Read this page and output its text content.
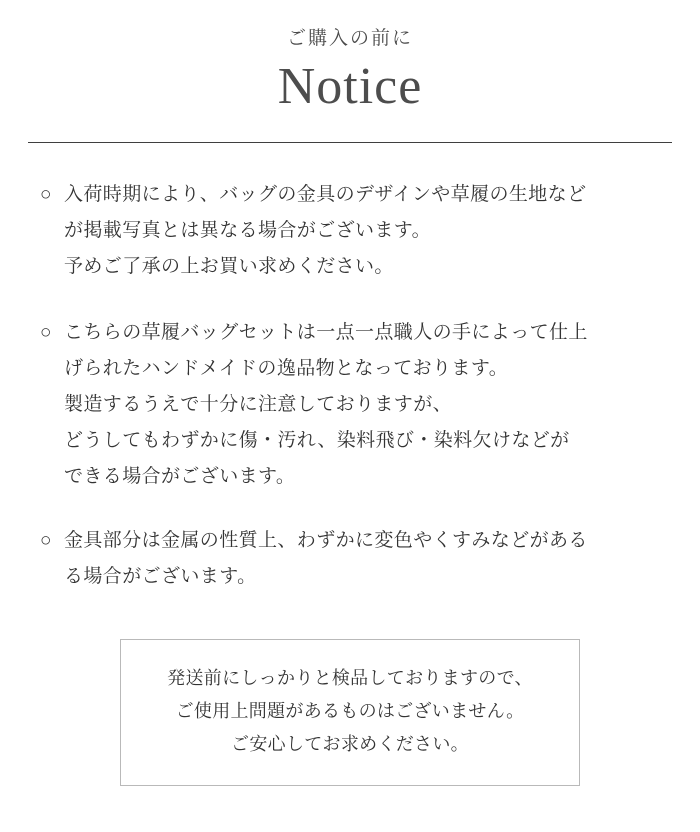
ご購入の前に
Notice
○ 入荷時期により、バッグの金具のデザインや草履の生地など
が掲載写真とは異なる場合がございます。
予めご了承の上お買い求めください。
○ こちらの草履バッグセットは一点一点職人の手によって仕上
げられたハンドメイドの逸品物となっております。
製造するうえで十分に注意しておりますが、
どうしてもわずかに傷・汚れ、染料飛び・染料欠けなどが
できる場合がございます。
○ 金具部分は金属の性質上、わずかに変色やくすみなどがある
る場合がございます。
発送前にしっかりと検品しておりますので、
ご使用上問題があるものはございません。
ご安心してお求めください。
